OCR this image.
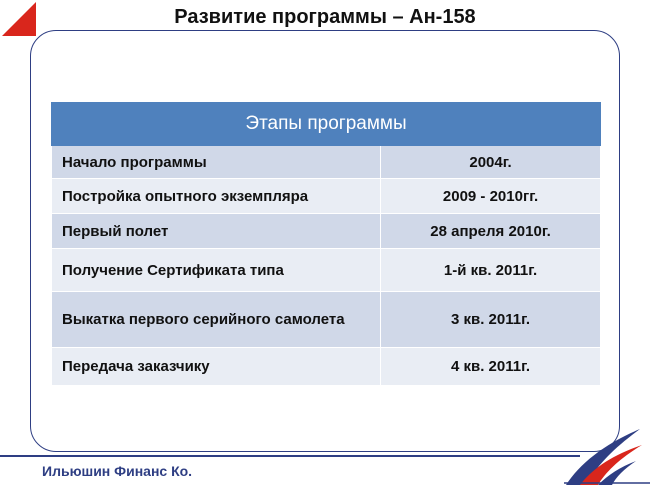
Развитие программы – Ан-158
Этапы программы	
Начало программы	2004г.
Постройка опытного экземпляра	2009 - 2010гг.
Первый полет	28 апреля 2010г.
Получение Сертификата типа	1-й кв. 2011г.
Выкатка первого серийного самолета	3 кв. 2011г.
Передача заказчику	4 кв. 2011г.
Ильюшин Финанс Ко.
